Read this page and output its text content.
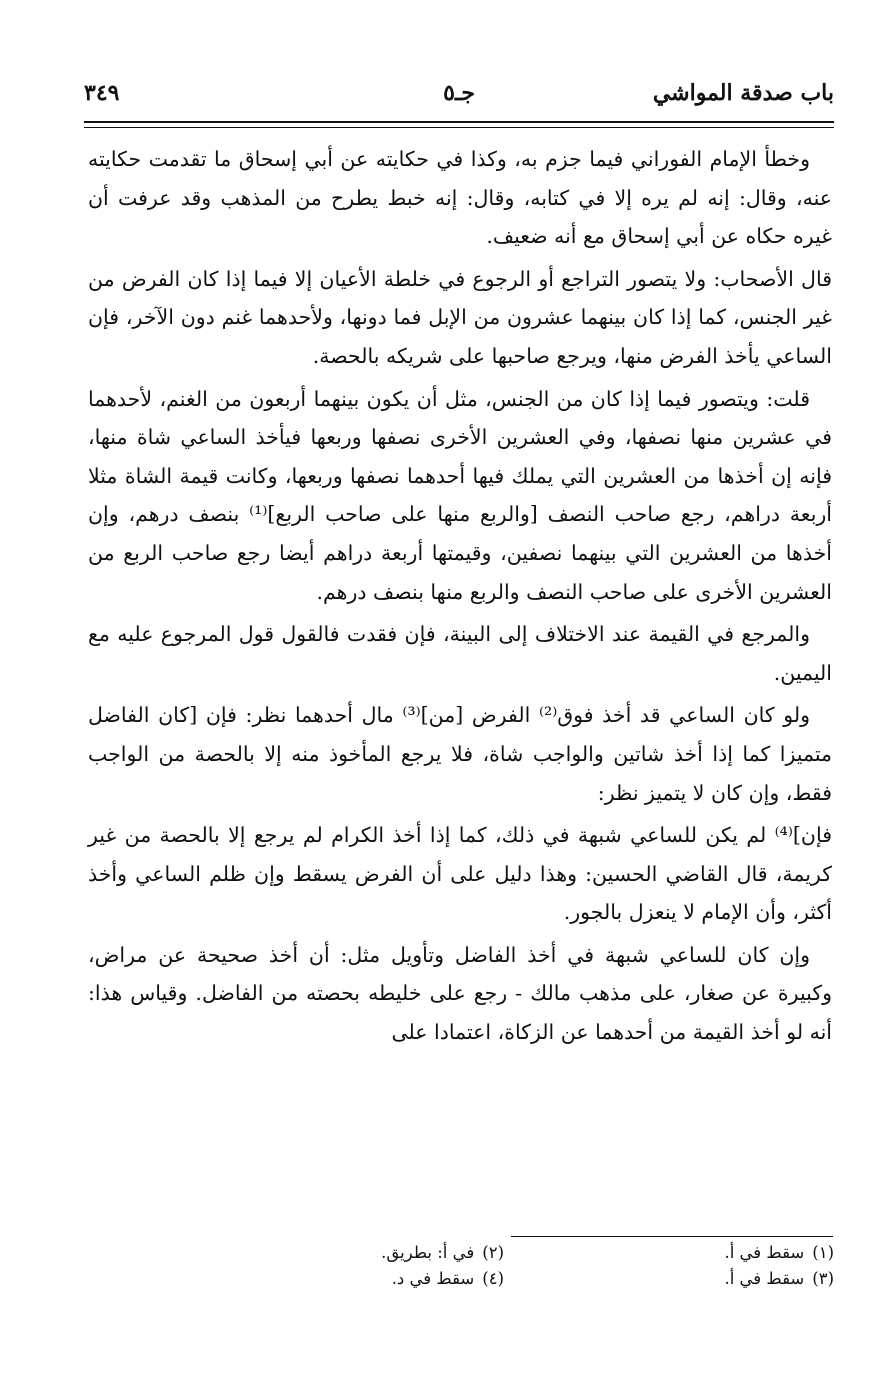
باب صدقة المواشي
جـ٥
٣٤٩

وخطأ الإمام الفوراني فيما جزم به، وكذا في حكايته عن أبي إسحاق ما تقدمت حكايته عنه، وقال: إنه لم يره إلا في كتابه، وقال: إنه خبط يطرح من المذهب وقد عرفت أن غيره حكاه عن أبي إسحاق مع أنه ضعيف.

قال الأصحاب: ولا يتصور التراجع أو الرجوع في خلطة الأعيان إلا فيما إذا كان الفرض من غير الجنس، كما إذا كان بينهما عشرون من الإبل فما دونها، ولأحدهما غنم دون الآخر، فإن الساعي يأخذ الفرض منها، ويرجع صاحبها على شريكه بالحصة.

قلت: ويتصور فيما إذا كان من الجنس، مثل أن يكون بينهما أربعون من الغنم، لأحدهما في عشرين منها نصفها، وفي العشرين الأخرى نصفها وربعها فيأخذ الساعي شاة منها، فإنه إن أخذها من العشرين التي يملك فيها أحدهما نصفها وربعها، وكانت قيمة الشاة مثلا أربعة دراهم، رجع صاحب النصف [والربع منها على صاحب الربع]⁽¹⁾ بنصف درهم، وإن أخذها من العشرين التي بينهما نصفين، وقيمتها أربعة دراهم أيضا رجع صاحب الربع من العشرين الأخرى على صاحب النصف والربع منها بنصف درهم.

والمرجع في القيمة عند الاختلاف إلى البينة، فإن فقدت فالقول قول المرجوع عليه مع اليمين.

ولو كان الساعي قد أخذ فوق⁽²⁾ الفرض [من]⁽³⁾ مال أحدهما نظر: فإن [كان الفاضل متميزا كما إذا أخذ شاتين والواجب شاة، فلا يرجع المأخوذ منه إلا بالحصة من الواجب فقط، وإن كان لا يتميز نظر:

فإن]⁽⁴⁾ لم يكن للساعي شبهة في ذلك، كما إذا أخذ الكرام لم يرجع إلا بالحصة من غير كريمة، قال القاضي الحسين: وهذا دليل على أن الفرض يسقط وإن ظلم الساعي وأخذ أكثر، وأن الإمام لا ينعزل بالجور.

وإن كان للساعي شبهة في أخذ الفاضل وتأويل مثل: أن أخذ صحيحة عن مراض، وكبيرة عن صغار، على مذهب مالك - رجع على خليطه بحصته من الفاضل. وقياس هذا: أنه لو أخذ القيمة من أحدهما عن الزكاة، اعتمادا على

(١)سقط في أ.
(٢)في أ: بطريق.
(٣)سقط في أ.
(٤)سقط في د.
